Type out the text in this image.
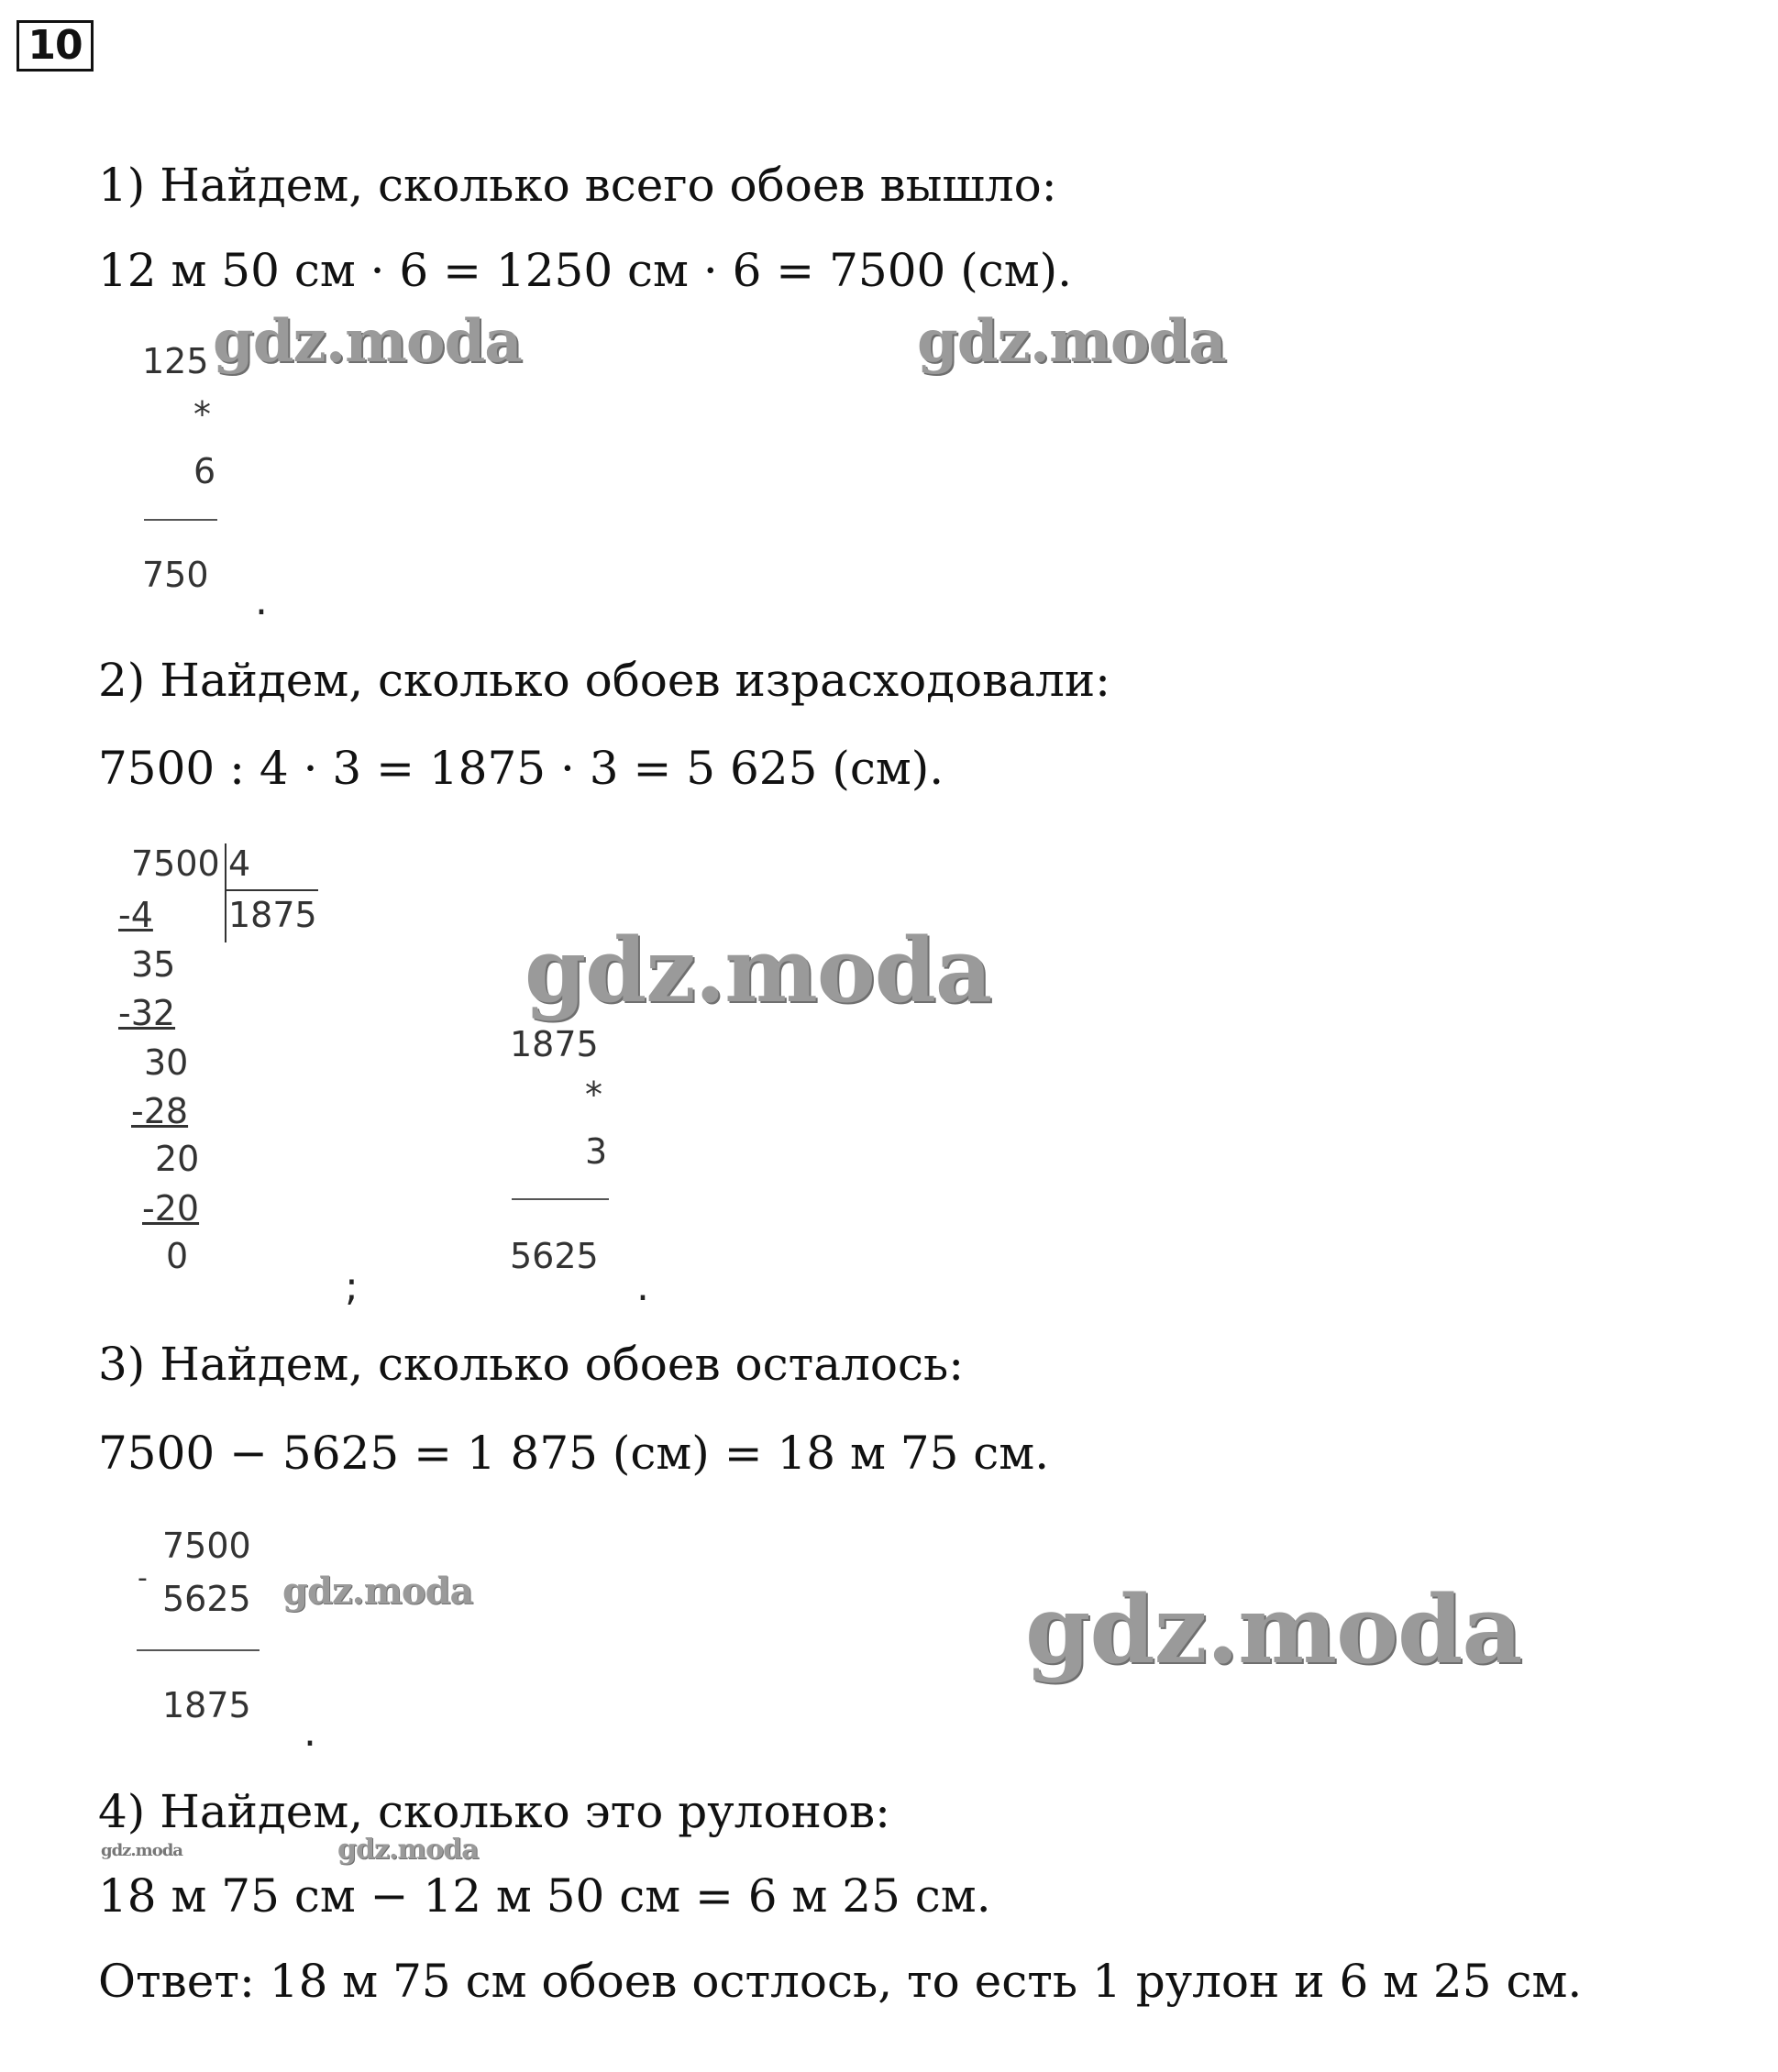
10
1) Найдем, сколько всего обоев вышло:
12 м 50 см · 6 = 1250 см · 6 = 7500 (см).
125
*
6
750
.
2) Найдем, сколько обоев израсходовали:
7500 : 4 · 3 = 1875 · 3 = 5 625 (см).
7500 4
1875
-4
35
-32
30
-28
20
-20
0
;
1875
*
3
5625
.
3) Найдем, сколько обоев осталось:
7500 − 5625 = 1 875 (см) = 18 м 75 см.
-
7500
5625
1875
.
4) Найдем, сколько это рулонов:
18 м 75 см − 12 м 50 см = 6 м 25 см.
Ответ: 18 м 75 см обоев остлось, то есть 1 рулон и 6 м 25 см.
gdz.moda	gdz.moda
gdz.moda
gdz.moda	gdz.moda
gdz.moda	gdz.moda
